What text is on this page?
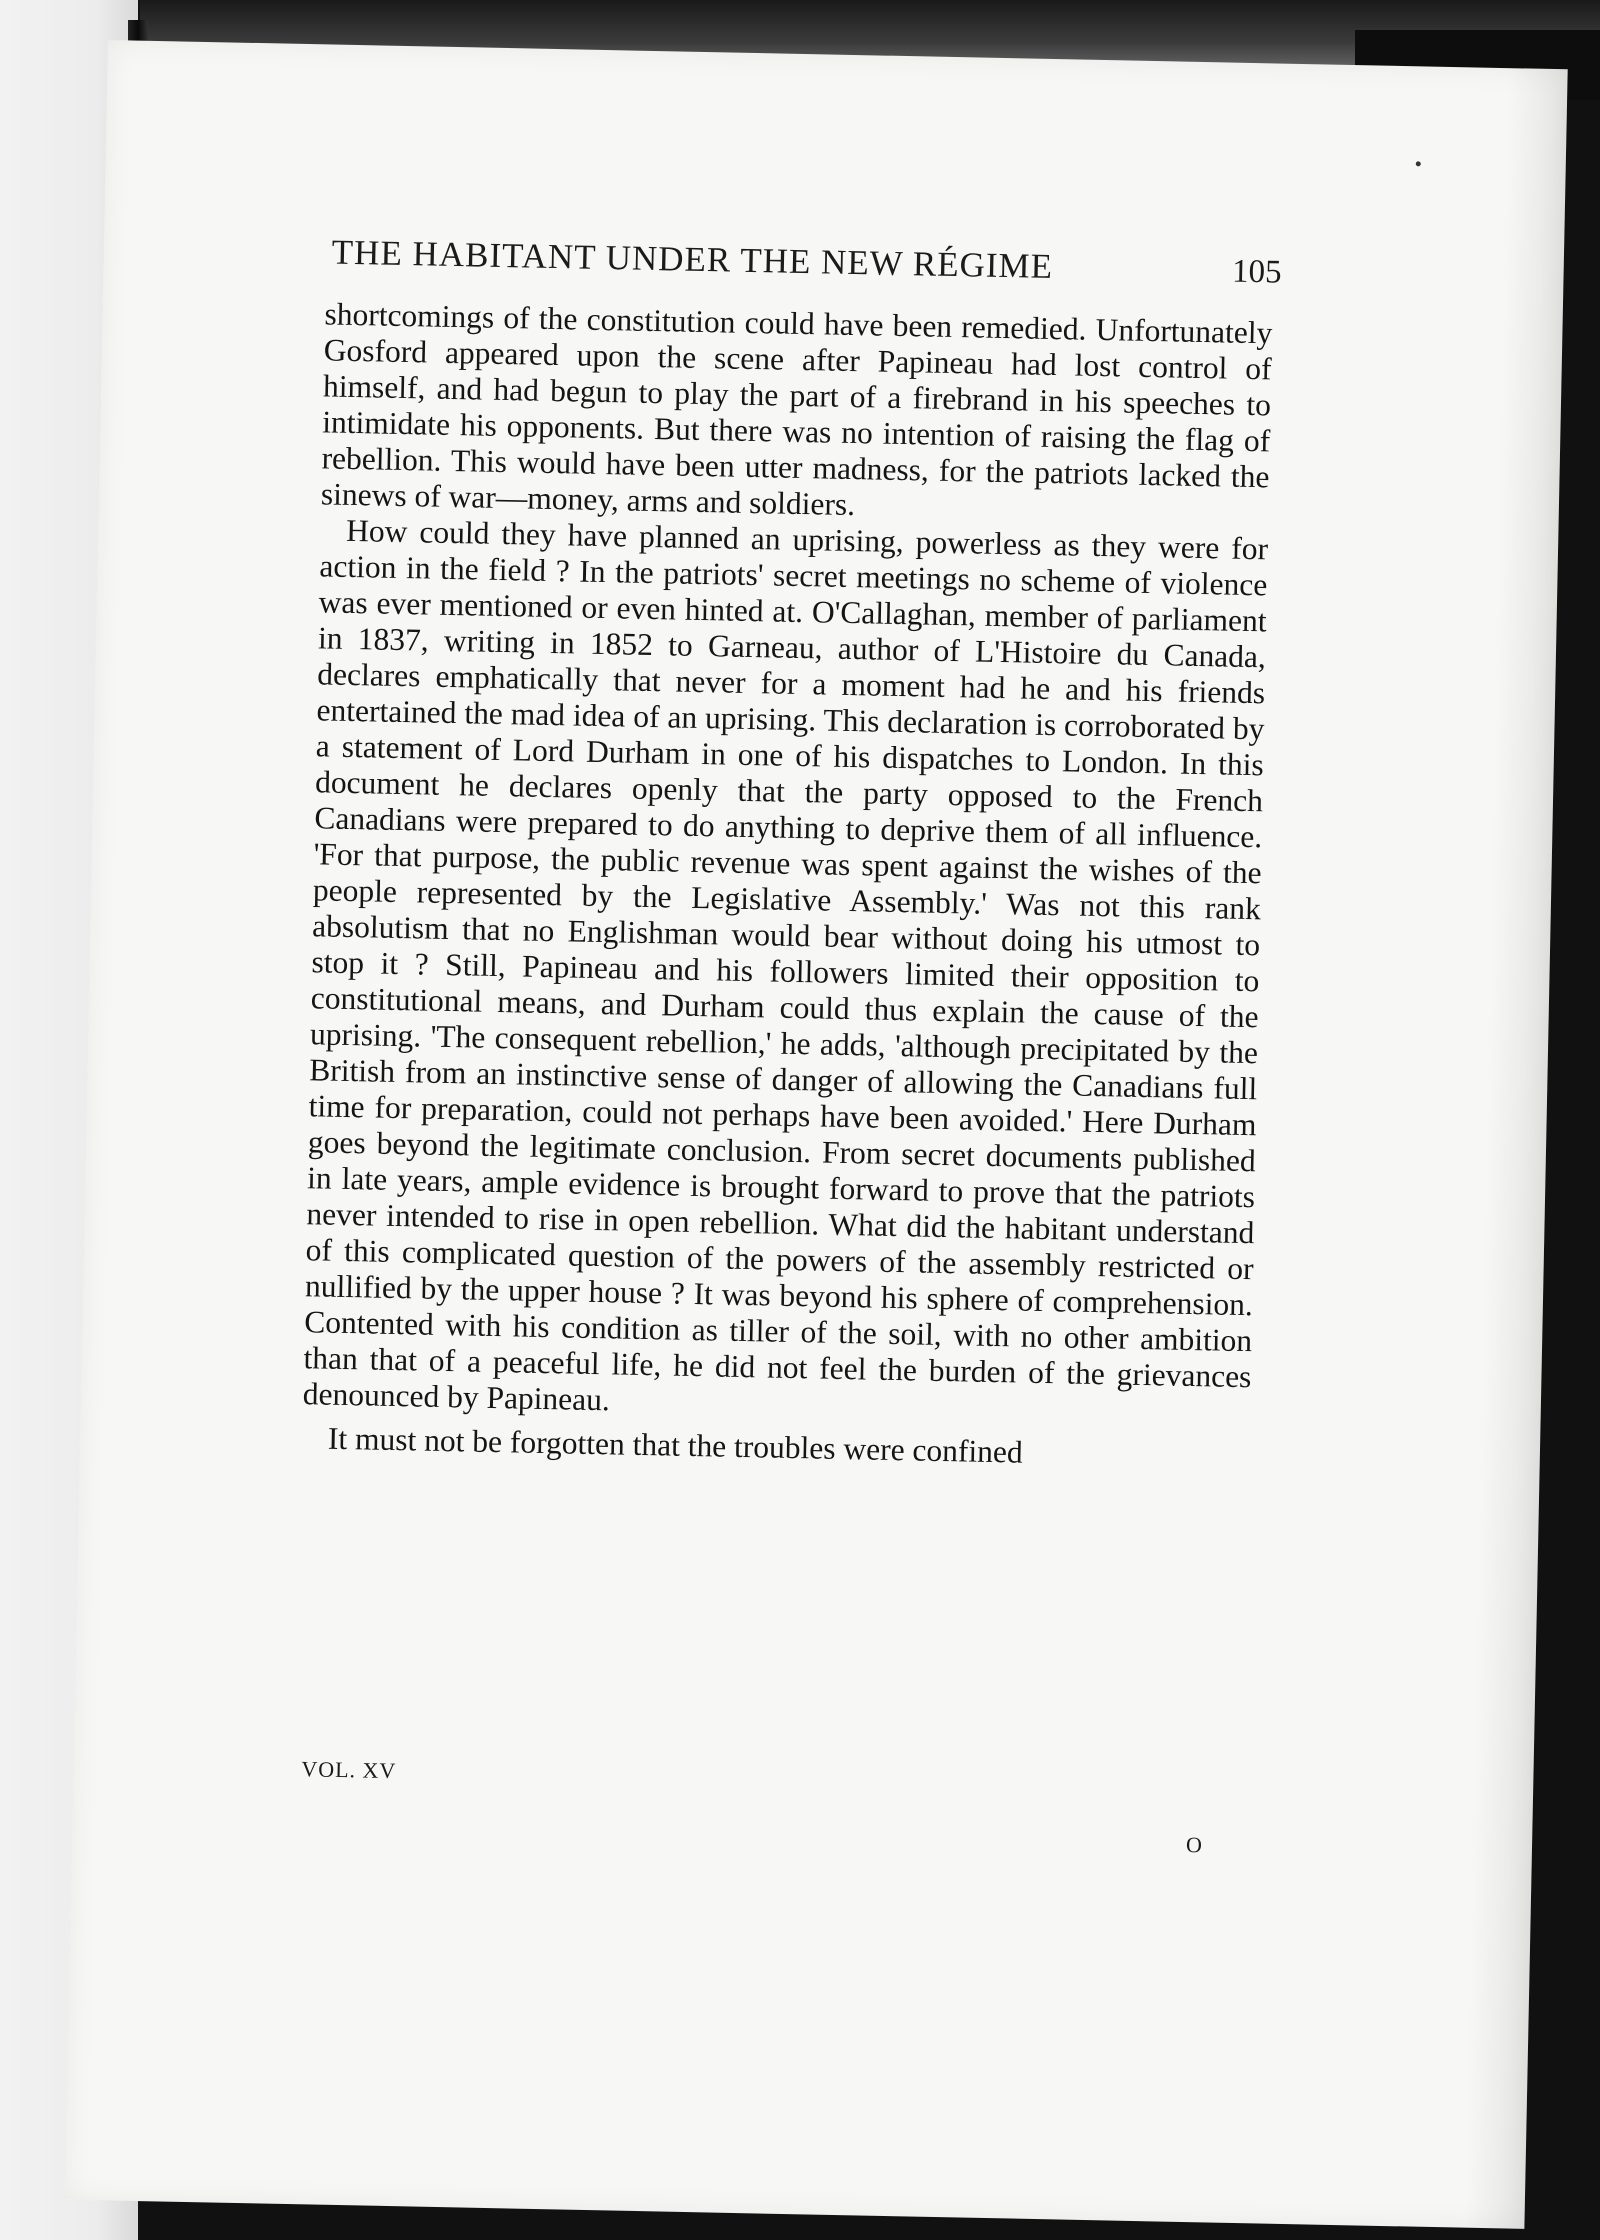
THE HABITANT UNDER THE NEW RÉGIME	105

shortcomings of the constitution could have been remedied. Unfortunately Gosford appeared upon the scene after Papineau had lost control of himself, and had begun to play the part of a firebrand in his speeches to intimidate his opponents. But there was no intention of raising the flag of rebellion. This would have been utter madness, for the patriots lacked the sinews of war—money, arms and soldiers.

How could they have planned an uprising, powerless as they were for action in the field ? In the patriots' secret meetings no scheme of violence was ever mentioned or even hinted at. O'Callaghan, member of parliament in 1837, writing in 1852 to Garneau, author of L'Histoire du Canada, declares emphatically that never for a moment had he and his friends entertained the mad idea of an uprising. This declaration is corroborated by a statement of Lord Durham in one of his dispatches to London. In this document he declares openly that the party opposed to the French Canadians were prepared to do anything to deprive them of all influence. 'For that purpose, the public revenue was spent against the wishes of the people represented by the Legislative Assembly.' Was not this rank absolutism that no Englishman would bear without doing his utmost to stop it ? Still, Papineau and his followers limited their opposition to constitutional means, and Durham could thus explain the cause of the uprising. 'The consequent rebellion,' he adds, 'although precipitated by the British from an instinctive sense of danger of allowing the Canadians full time for preparation, could not perhaps have been avoided.' Here Durham goes beyond the legitimate conclusion. From secret documents published in late years, ample evidence is brought forward to prove that the patriots never intended to rise in open rebellion. What did the habitant understand of this complicated question of the powers of the assembly restricted or nullified by the upper house ? It was beyond his sphere of comprehension. Contented with his condition as tiller of the soil, with no other ambition than that of a peaceful life, he did not feel the burden of the grievances denounced by Papineau.

It must not be forgotten that the troubles were confined

VOL. XV
O
